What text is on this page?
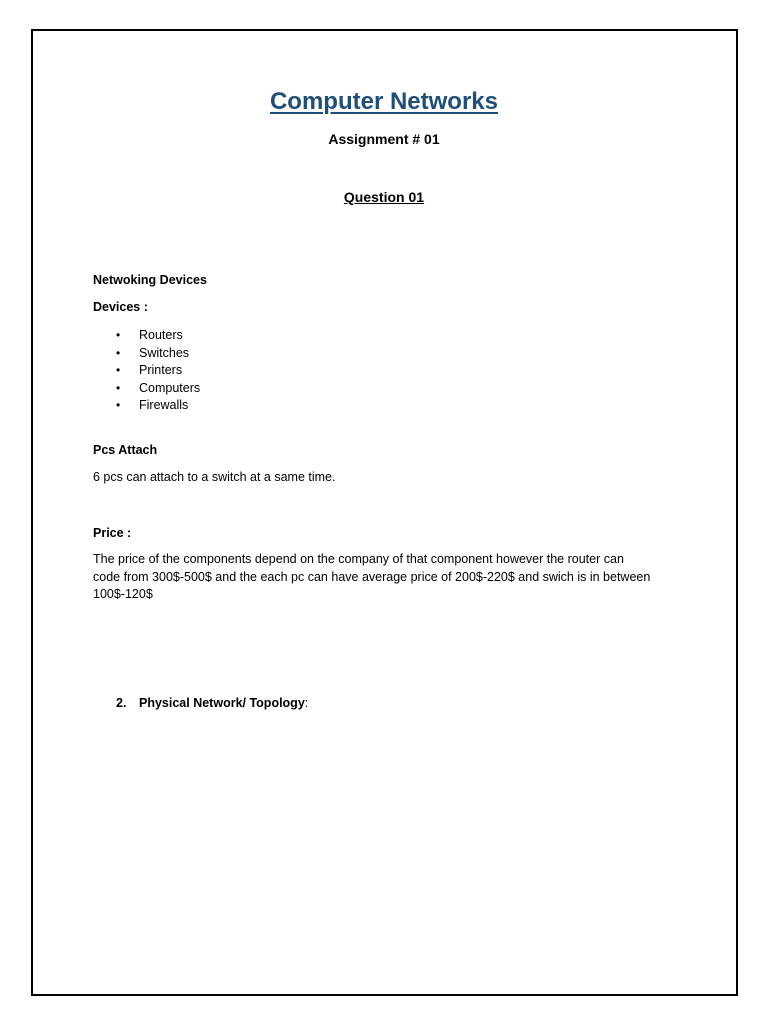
Computer Networks
Assignment # 01
Question 01

Netwoking Devices

Devices :

• Routers
• Switches
• Printers
• Computers
• Firewalls

Pcs Attach

6 pcs can attach to a switch at a same time.

Price :

The price of the components depend on the company of that component however the router can
code from 300$-500$ and the each pc can have average price of 200$-220$ and swich is in between
100$-120$

2. Physical Network/ Topology:
